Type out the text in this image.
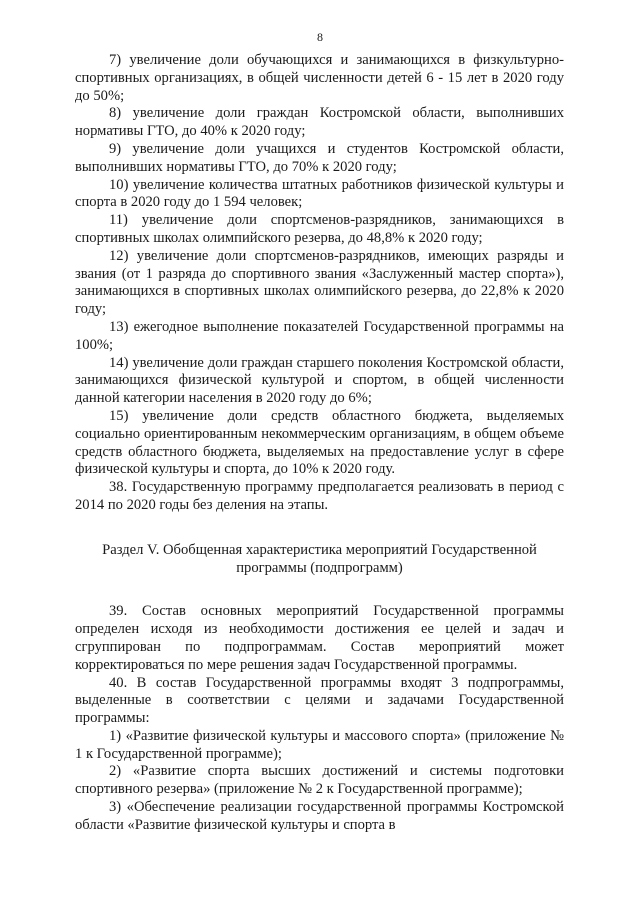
8

7) увеличение доли обучающихся и занимающихся в физкультурно-спортивных организациях, в общей численности детей 6 - 15 лет в 2020 году до 50%;

8) увеличение доли граждан Костромской области, выполнивших нормативы ГТО, до 40% к 2020 году;

9) увеличение доли учащихся и студентов Костромской области, выполнивших нормативы ГТО, до 70% к 2020 году;

10) увеличение количества штатных работников физической культуры и спорта в 2020 году до 1 594 человек;

11) увеличение доли спортсменов-разрядников, занимающихся в спортивных школах олимпийского резерва, до 48,8% к 2020 году;

12) увеличение доли спортсменов-разрядников, имеющих разряды и звания (от 1 разряда до спортивного звания «Заслуженный мастер спорта»), занимающихся в спортивных школах олимпийского резерва, до 22,8% к 2020 году;

13) ежегодное выполнение показателей Государственной программы на 100%;

14) увеличение доли граждан старшего поколения Костромской области, занимающихся физической культурой и спортом, в общей численности данной категории населения в 2020 году до 6%;

15) увеличение доли средств областного бюджета, выделяемых социально ориентированным некоммерческим организациям, в общем объеме средств областного бюджета, выделяемых на предоставление услуг в сфере физической культуры и спорта, до 10% к 2020 году.

38. Государственную программу предполагается реализовать в период с 2014 по 2020 годы без деления на этапы.

Раздел V. Обобщенная характеристика мероприятий Государственной программы (подпрограмм)

39. Состав основных мероприятий Государственной программы определен исходя из необходимости достижения ее целей и задач и сгруппирован по подпрограммам. Состав мероприятий может корректироваться по мере решения задач Государственной программы.

40. В состав Государственной программы входят 3 подпрограммы, выделенные в соответствии с целями и задачами Государственной программы:

1) «Развитие физической культуры и массового спорта» (приложение № 1 к Государственной программе);

2) «Развитие спорта высших достижений и системы подготовки спортивного резерва» (приложение № 2 к Государственной программе);

3) «Обеспечение реализации государственной программы Костромской области «Развитие физической культуры и спорта в
